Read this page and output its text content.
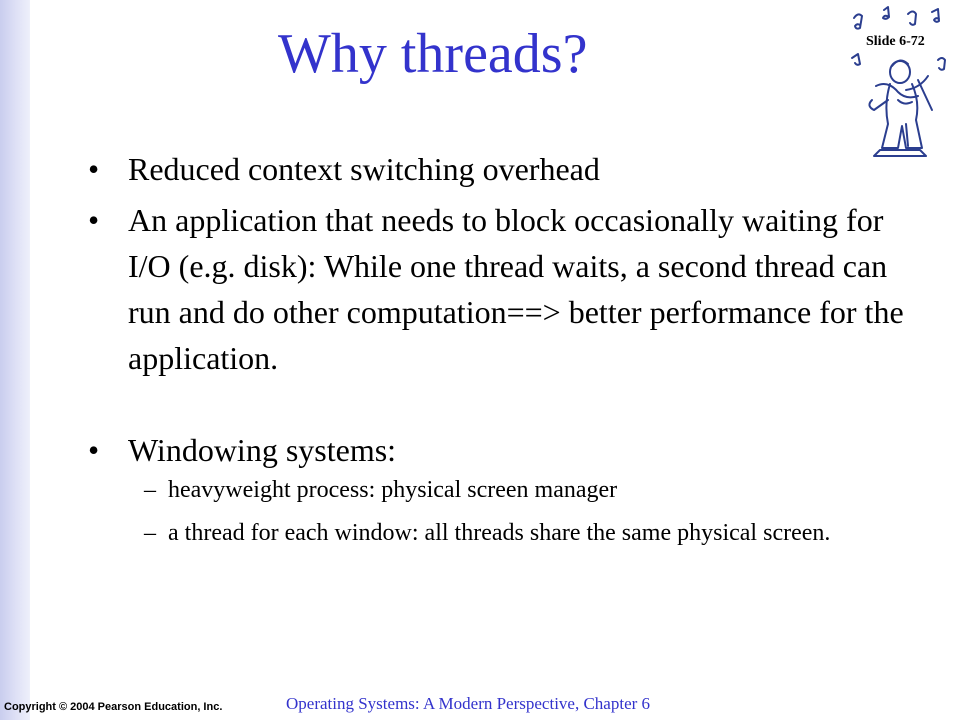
Why threads?	Slide 6-72
• Reduced context switching overhead
• An application that needs to block occasionally waiting for I/O (e.g. disk): While one thread waits, a second thread can run and do other computation==> better performance for the application.
• Windowing systems:
– heavyweight process: physical screen manager
– a thread for each window: all threads share the same physical screen.
Copyright © 2004 Pearson Education, Inc.	Operating Systems: A Modern Perspective, Chapter 6
